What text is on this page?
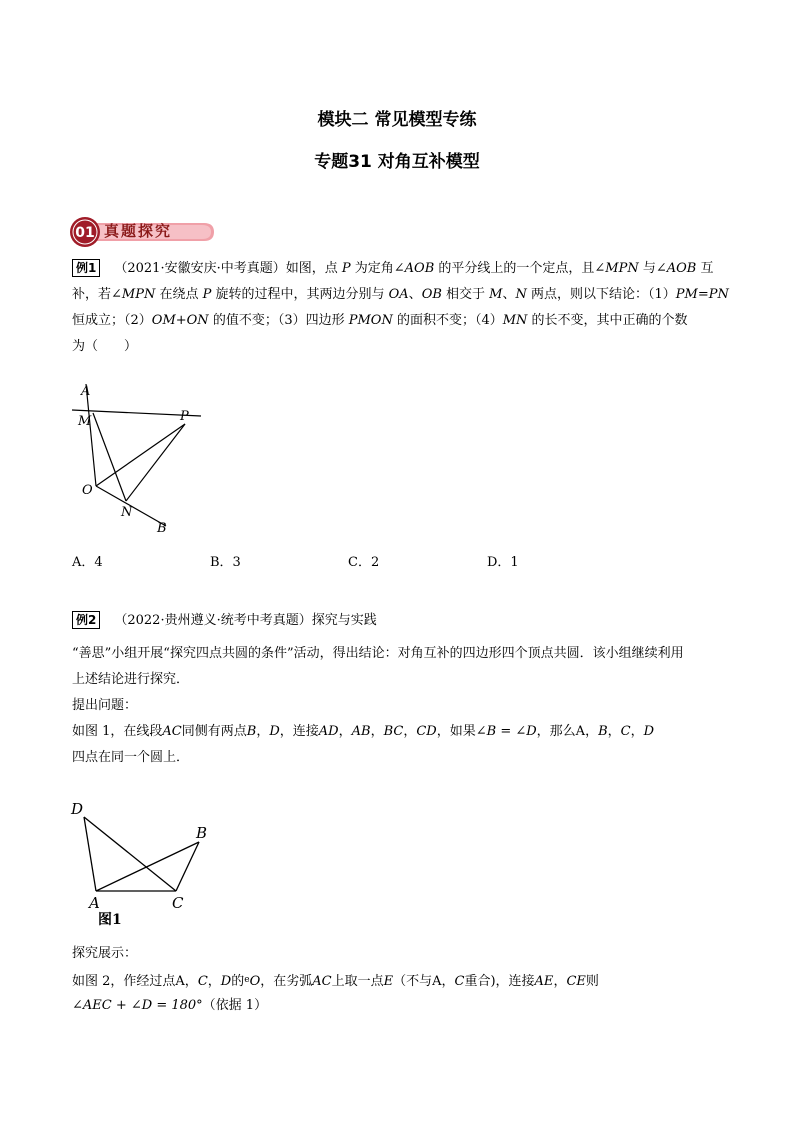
模块二 常见模型专练
专题31 对角互补模型
01 真题探究
例1 （2021·安徽安庆·中考真题）如图，点 P 为定角∠AOB 的平分线上的一个定点，且∠MPN 与∠AOB 互
补，若∠MPN 在绕点 P 旋转的过程中，其两边分别与 OA、OB 相交于 M、N 两点，则以下结论：（1）PM=PN
恒成立；（2）OM+ON 的值不变；（3）四边形 PMON 的面积不变；（4）MN 的长不变，其中正确的个数
为（　　）
A
M	P
O
N
B
A．4	B．3	C．2	D．1
例2 （2022·贵州遵义·统考中考真题）探究与实践
“善思”小组开展“探究四点共圆的条件”活动，得出结论：对角互补的四边形四个顶点共圆．该小组继续利用
上述结论进行探究．
提出问题：
如图 1，在线段AC同侧有两点B，D，连接AD，AB，BC，CD，如果∠B = ∠D，那么A，B，C，D
四点在同一个圆上．
D
B
A	C
图1
探究展示：
如图 2，作经过点A，C，D的$^e$O，在劣弧AC上取一点E（不与A，C重合)，连接AE，CE则
∠AEC + ∠D = 180°（依据 1）
